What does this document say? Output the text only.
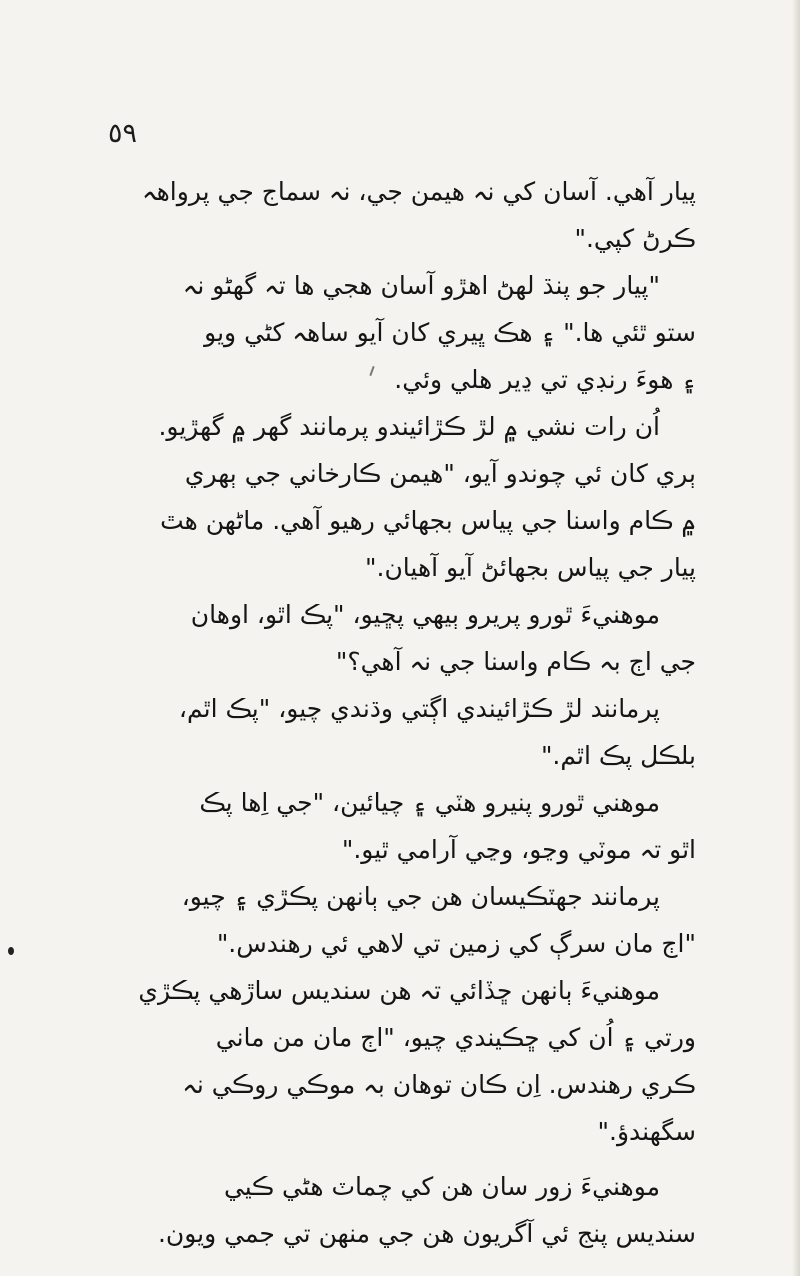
٥٩
پيار آهي. آسان کي نہ هيمن جي، نہ سماج جي پرواهہ
ڪرڻ کپي."
"پيار جو پنڌ لھڻ اهڙو آسان هجي ها تہ گهڻو نہ
ستو ٿئي ها." ۽ هڪ ڀيري کان آيو ساهہ کڻي ويو
۽ هوءَ رنڊي تي ڍير هلي وئي.
اُن رات نشي ۾ لڙ ڪڙائيندو پرمانند گهر ۾ گهڙيو.
ٻري کان ئي چوندو آيو، "هيمن ڪارخاني جي ٻهري
۾ ڪام واسنا جي پياس بجهائي رهيو آهي. ماڻهن هٿ
پيار جي پياس بجهائڻ آيو آهيان."
موهنيءَ ٿورو پريرو ٻيهي پڇيو، "پڪ اٿو، اوهان
جي اڄ بہ ڪام واسنا جي نہ آهي؟"
پرمانند لڙ ڪڙائيندي اڳتي وڌندي چيو، "پڪ اٿم،
بلڪل پڪ اٿم."
موهني ٿورو پنيرو هٽي ۽ چيائين، "جي اِها پڪ
اٿو تہ موٽي وڃو، وڃي آرامي ٿيو."
پرمانند جهٽڪيسان هن جي ٻانهن پڪڙي ۽ چيو،
"اڄ مان سرڳ کي زمين تي لاهي ئي رهندس."
موهنيءَ ٻانهن ڇڏائي تہ هن سنديس ساڙهي پڪڙي
ورتي ۽ اُن کي ڇڪيندي چيو، "اڄ مان من ماني
ڪري رهندس. اِن ڪان توهان بہ موڪي روڪي نہ
سگهندؤ."
موهنيءَ زور سان هن کي چماٽ هڻي ڪيي
سنديس پنج ئي آگريون هن جي منهن تي جمي ويون.
